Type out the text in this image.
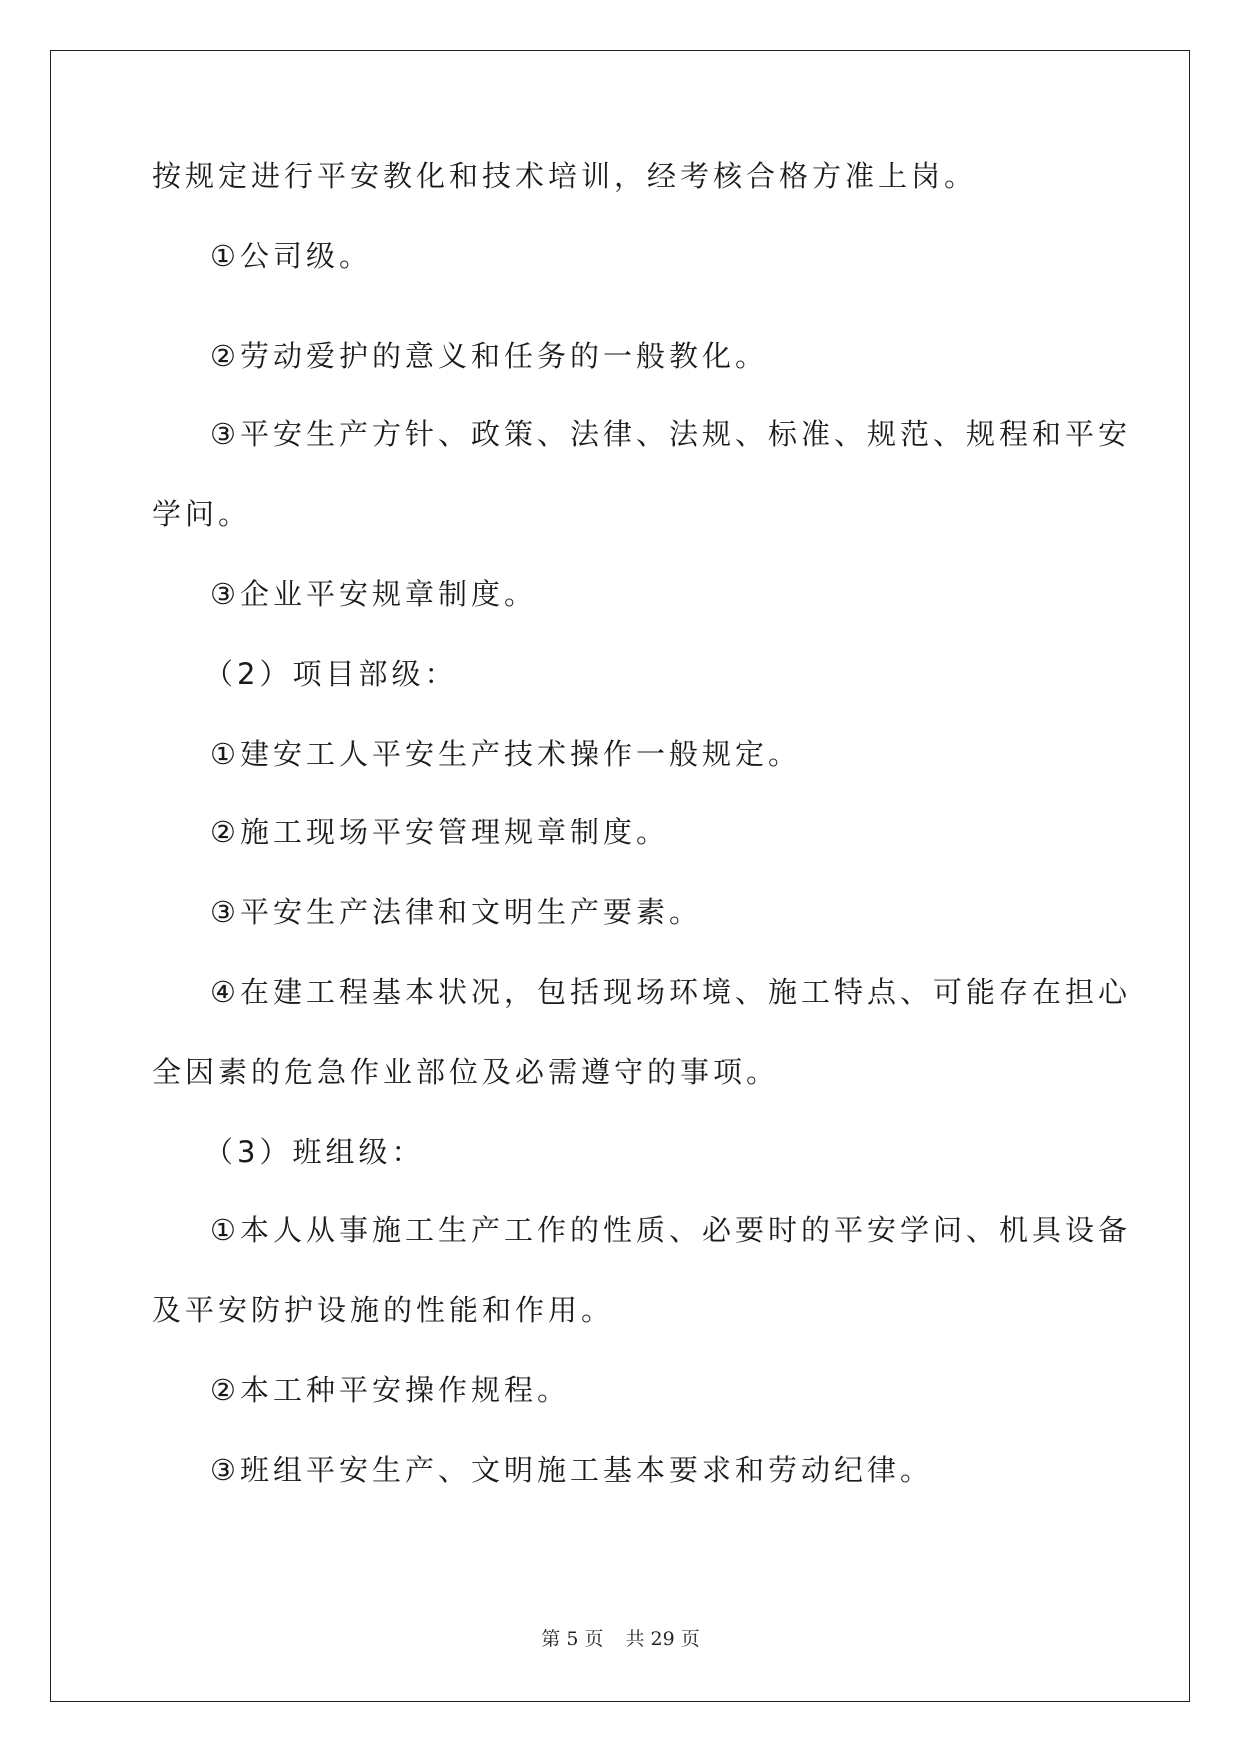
按规定进行平安教化和技术培训，经考核合格方准上岗。

①公司级。

②劳动爱护的意义和任务的一般教化。

③平安生产方针、政策、法律、法规、标准、规范、规程和平安

学问。

③企业平安规章制度。

（2）项目部级：

①建安工人平安生产技术操作一般规定。

②施工现场平安管理规章制度。

③平安生产法律和文明生产要素。

④在建工程基本状况，包括现场环境、施工特点、可能存在担心

全因素的危急作业部位及必需遵守的事项。

（3）班组级：

①本人从事施工生产工作的性质、必要时的平安学问、机具设备

及平安防护设施的性能和作用。

②本工种平安操作规程。

③班组平安生产、文明施工基本要求和劳动纪律。

第 5 页 共 29 页
